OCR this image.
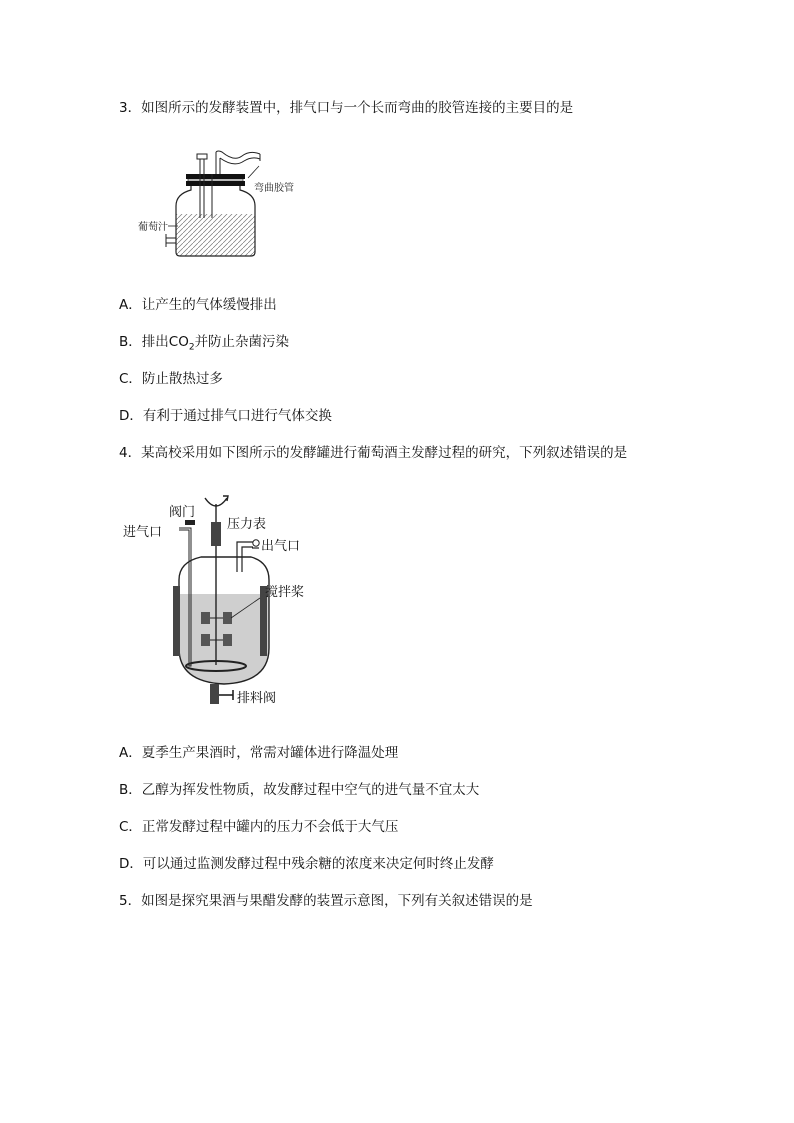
3．如图所示的发酵装置中，排气口与一个长而弯曲的胶管连接的主要目的是
弯曲胶管
葡萄汁
A．让产生的气体缓慢排出
B．排出$CO_2$并防止杂菌污染
C．防止散热过多
D．有利于通过排气口进行气体交换
4．某高校采用如下图所示的发酵罐进行葡萄酒主发酵过程的研究，下列叙述错误的是
阀门
压力表
进气口
出气口
搅拌桨
排料阀
A．夏季生产果酒时，常需对罐体进行降温处理
B．乙醇为挥发性物质，故发酵过程中空气的进气量不宜太大
C．正常发酵过程中罐内的压力不会低于大气压
D．可以通过监测发酵过程中残余糖的浓度来决定何时终止发酵
5．如图是探究果酒与果醋发酵的装置示意图，下列有关叙述错误的是
